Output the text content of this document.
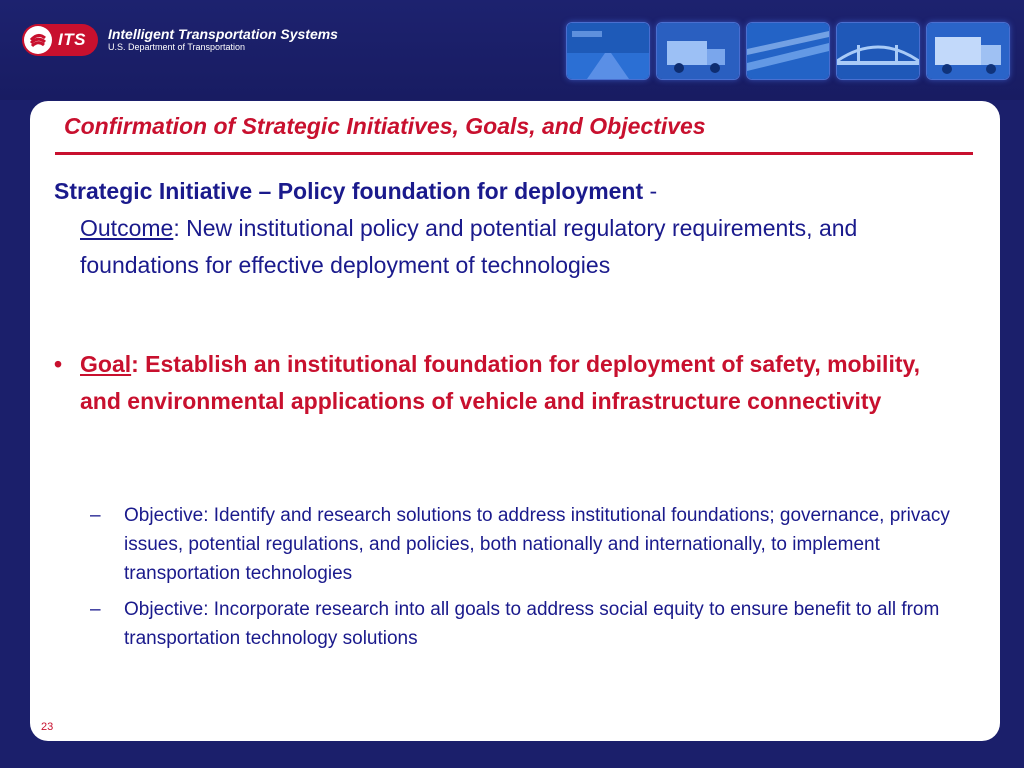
ITS Intelligent Transportation Systems
U.S. Department of Transportation
Confirmation of Strategic Initiatives, Goals, and Objectives
Strategic Initiative – Policy foundation for deployment -
Outcome: New institutional policy and potential regulatory requirements, and foundations for effective deployment of technologies
• Goal: Establish an institutional foundation for deployment of safety, mobility, and environmental applications of vehicle and infrastructure connectivity
–	Objective: Identify and research solutions to address institutional foundations; governance, privacy issues, potential regulations, and policies, both nationally and internationally, to implement transportation technologies
–	Objective: Incorporate research into all goals to address social equity to ensure benefit to all from transportation technology solutions
23
